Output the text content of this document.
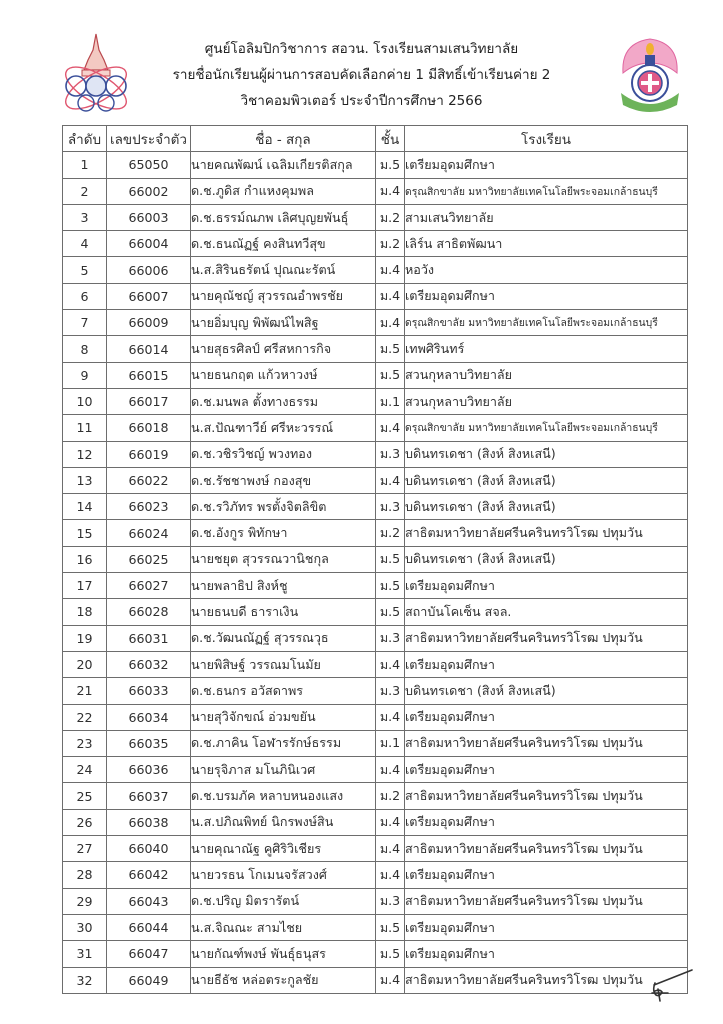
ศูนย์โอลิมปิกวิชาการ สอวน. โรงเรียนสามเสนวิทยาลัย
รายชื่อนักเรียนผู้ผ่านการสอบคัดเลือกค่าย 1 มีสิทธิ์เข้าเรียนค่าย 2
วิชาคอมพิวเตอร์ ประจำปีการศึกษา 2566
ลำดับ	เลขประจำตัว	ชื่อ - สกุล	ชั้น	โรงเรียน
1	65050	นายคณพัฒน์ เฉลิมเกียรติสกุล	ม.5	เตรียมอุดมศึกษา
2	66002	ด.ช.ภูดิส กำแหงคุมพล	ม.4	ดรุณสิกขาลัย มหาวิทยาลัยเทคโนโลยีพระจอมเกล้าธนบุรี
3	66003	ด.ช.ธรรม์ณภพ เลิศบุญยพันธุ์	ม.2	สามเสนวิทยาลัย
4	66004	ด.ช.ธนณัฏฐ์ คงสินทวีสุข	ม.2	เลิร์น สาธิตพัฒนา
5	66006	น.ส.สิรินธรัตน์ ปุณณะรัตน์	ม.4	หอวัง
6	66007	นายคุณัชญ์ สุวรรณอำพรชัย	ม.4	เตรียมอุดมศึกษา
7	66009	นายอิ่มบุญ พิพัฒน์ไพสิฐ	ม.4	ดรุณสิกขาลัย มหาวิทยาลัยเทคโนโลยีพระจอมเกล้าธนบุรี
8	66014	นายสุธรศิลป์ ศรีสหการกิจ	ม.5	เทพศิรินทร์
9	66015	นายธนกฤต แก้วหาวงษ์	ม.5	สวนกุหลาบวิทยาลัย
10	66017	ด.ช.มนพล ตั้งทางธรรม	ม.1	สวนกุหลาบวิทยาลัย
11	66018	น.ส.ปัณฑาวีย์ ศรีหะวรรณ์	ม.4	ดรุณสิกขาลัย มหาวิทยาลัยเทคโนโลยีพระจอมเกล้าธนบุรี
12	66019	ด.ช.วชิรวิชญ์ พวงทอง	ม.3	บดินทรเดชา (สิงห์ สิงหเสนี)
13	66022	ด.ช.รัชชาพงษ์ กองสุข	ม.4	บดินทรเดชา (สิงห์ สิงหเสนี)
14	66023	ด.ช.รวิภัทร พรตั้งจิตลิขิต	ม.3	บดินทรเดชา (สิงห์ สิงหเสนี)
15	66024	ด.ช.อังกูร พิทักษา	ม.2	สาธิตมหาวิทยาลัยศรีนครินทรวิโรฒ ปทุมวัน
16	66025	นายชยุต สุวรรณวานิชกุล	ม.5	บดินทรเดชา (สิงห์ สิงหเสนี)
17	66027	นายพลาธิป สิงห์ชู	ม.5	เตรียมอุดมศึกษา
18	66028	นายธนบดี ธาราเงิน	ม.5	สถาบันโคเซ็น สจล.
19	66031	ด.ช.วัฒนณัฏฐ์ สุวรรณวุธ	ม.3	สาธิตมหาวิทยาลัยศรีนครินทรวิโรฒ ปทุมวัน
20	66032	นายพิสิษฐ์ วรรณมโนมัย	ม.4	เตรียมอุดมศึกษา
21	66033	ด.ช.ธนกร อวัสดาพร	ม.3	บดินทรเดชา (สิงห์ สิงหเสนี)
22	66034	นายสุวิจักขณ์ อ่วมขยัน	ม.4	เตรียมอุดมศึกษา
23	66035	ด.ช.ภาคิน โอฬารรักษ์ธรรม	ม.1	สาธิตมหาวิทยาลัยศรีนครินทรวิโรฒ ปทุมวัน
24	66036	นายรุจิภาส มโนภินิเวศ	ม.4	เตรียมอุดมศึกษา
25	66037	ด.ช.บรมภัค หลาบหนองแสง	ม.2	สาธิตมหาวิทยาลัยศรีนครินทรวิโรฒ ปทุมวัน
26	66038	น.ส.ปภิณพิทย์ นิกรพงษ์สิน	ม.4	เตรียมอุดมศึกษา
27	66040	นายคุณาณัฐ คูศิริวิเชียร	ม.4	สาธิตมหาวิทยาลัยศรีนครินทรวิโรฒ ปทุมวัน
28	66042	นายวรธน โกเมนจรัสวงศ์	ม.4	เตรียมอุดมศึกษา
29	66043	ด.ช.ปริญ มิตรารัตน์	ม.3	สาธิตมหาวิทยาลัยศรีนครินทรวิโรฒ ปทุมวัน
30	66044	น.ส.จิณณะ สามไชย	ม.5	เตรียมอุดมศึกษา
31	66047	นายกัณฑ์พงษ์ พันธุ์ธนุสร	ม.5	เตรียมอุดมศึกษา
32	66049	นายธีธัช หล่อตระกูลชัย	ม.4	สาธิตมหาวิทยาลัยศรีนครินทรวิโรฒ ปทุมวัน
